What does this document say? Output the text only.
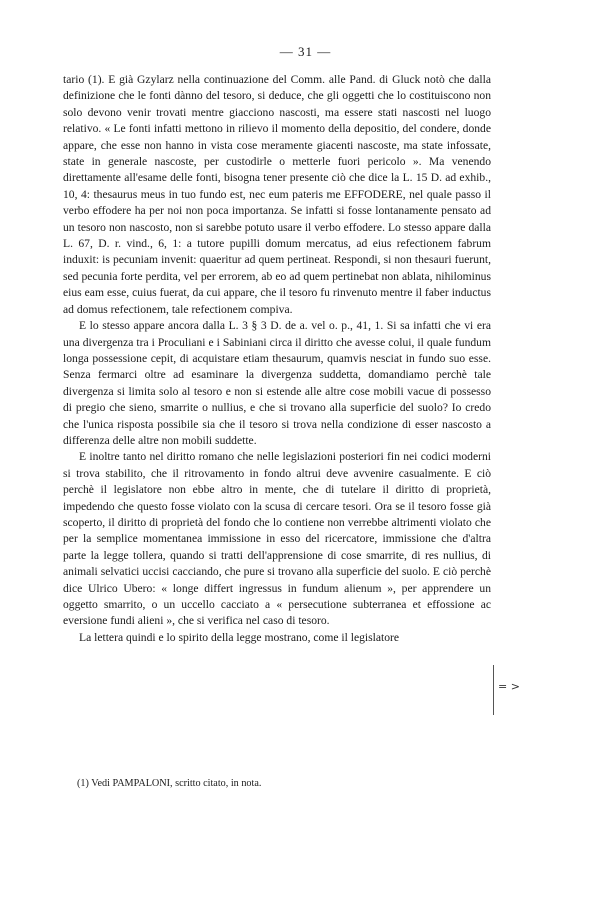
— 31 —

tario (1). E già Gzylarz nella continuazione del Comm. alle Pand. di Gluck notò che dalla definizione che le fonti dànno del tesoro, si deduce, che gli oggetti che lo costituiscono non solo devono venir trovati mentre giacciono nascosti, ma essere stati nascosti nel luogo relativo. « Le fonti infatti mettono in rilievo il momento della depositio, del condere, donde appare, che esse non hanno in vista cose meramente giacenti nascoste, ma state infossate, state in generale nascoste, per custodirle o metterle fuori pericolo ». Ma venendo direttamente all'esame delle fonti, bisogna tener presente ciò che dice la L. 15 D. ad exhib., 10, 4: thesaurus meus in tuo fundo est, nec eum pateris me EFFODERE, nel quale passo il verbo effodere ha per noi non poca importanza. Se infatti si fosse lontanamente pensato ad un tesoro non nascosto, non si sarebbe potuto usare il verbo effodere. Lo stesso appare dalla L. 67, D. r. vind., 6, 1: a tutore pupilli domum mercatus, ad eius refectionem fabrum induxit: is pecuniam invenit: quaeritur ad quem pertineat. Respondi, si non thesauri fuerunt, sed pecunia forte perdita, vel per errorem, ab eo ad quem pertinebat non ablata, nihilominus eius eam esse, cuius fuerat, da cui appare, che il tesoro fu rinvenuto mentre il faber inductus ad domus refectionem, tale refectionem compiva.

E lo stesso appare ancora dalla L. 3 § 3 D. de a. vel o. p., 41, 1. Si sa infatti che vi era una divergenza tra i Proculiani e i Sabiniani circa il diritto che avesse colui, il quale fundum longa possessione cepit, di acquistare etiam thesaurum, quamvis nesciat in fundo suo esse. Senza fermarci oltre ad esaminare la divergenza suddetta, domandiamo perchè tale divergenza si limita solo al tesoro e non si estende alle altre cose mobili vacue di possesso di pregio che sieno, smarrite o nullius, e che si trovano alla superficie del suolo? Io credo che l'unica risposta possibile sia che il tesoro si trova nella condizione di esser nascosto a differenza delle altre non mobili suddette.

E inoltre tanto nel diritto romano che nelle legislazioni posteriori fin nei codici moderni si trova stabilito, che il ritrovamento in fondo altrui deve avvenire casualmente. E ciò perchè il legislatore non ebbe altro in mente, che di tutelare il diritto di proprietà, impedendo che questo fosse violato con la scusa di cercare tesori. Ora se il tesoro fosse già scoperto, il diritto di proprietà del fondo che lo contiene non verrebbe altrimenti violato che per la semplice momentanea immissione in esso del ricercatore, immissione che d'altra parte la legge tollera, quando si tratti dell'apprensione di cose smarrite, di res nullius, di animali selvatici uccisi cacciando, che pure si trovano alla superficie del suolo. E ciò perchè dice Ulrico Ubero: « longe differt ingressus in fundum alienum », per apprendere un oggetto smarrito, o un uccello cacciato a « persecutione subterranea et effossione ac eversione fundi alieni », che si verifica nel caso di tesoro.

La lettera quindi e lo spirito della legge mostrano, come il legislatore

= >
(1) Vedi PAMPALONI, scritto citato, in nota.
